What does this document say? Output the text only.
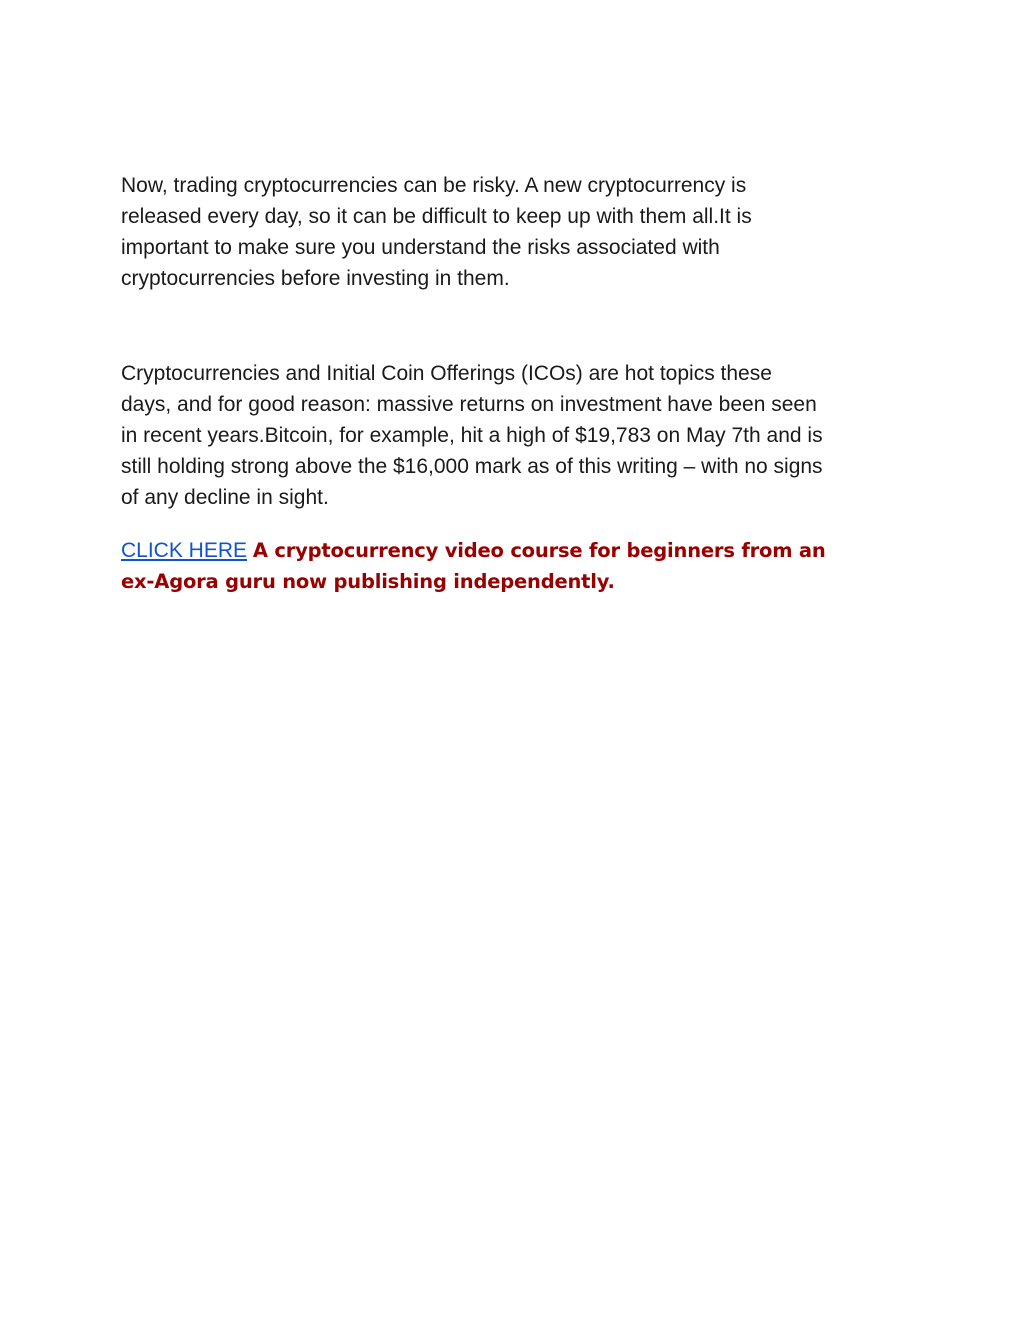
Now, trading cryptocurrencies can be risky. A new cryptocurrency is
released every day, so it can be difficult to keep up with them all.It is
important to make sure you understand the risks associated with
cryptocurrencies before investing in them.

Cryptocurrencies and Initial Coin Offerings (ICOs) are hot topics these
days, and for good reason: massive returns on investment have been seen
in recent years.Bitcoin, for example, hit a high of $19,783 on May 7th and is
still holding strong above the $16,000 mark as of this writing – with no signs
of any decline in sight.

CLICK HERE A cryptocurrency video course for beginners from an
ex-Agora guru now publishing independently.
